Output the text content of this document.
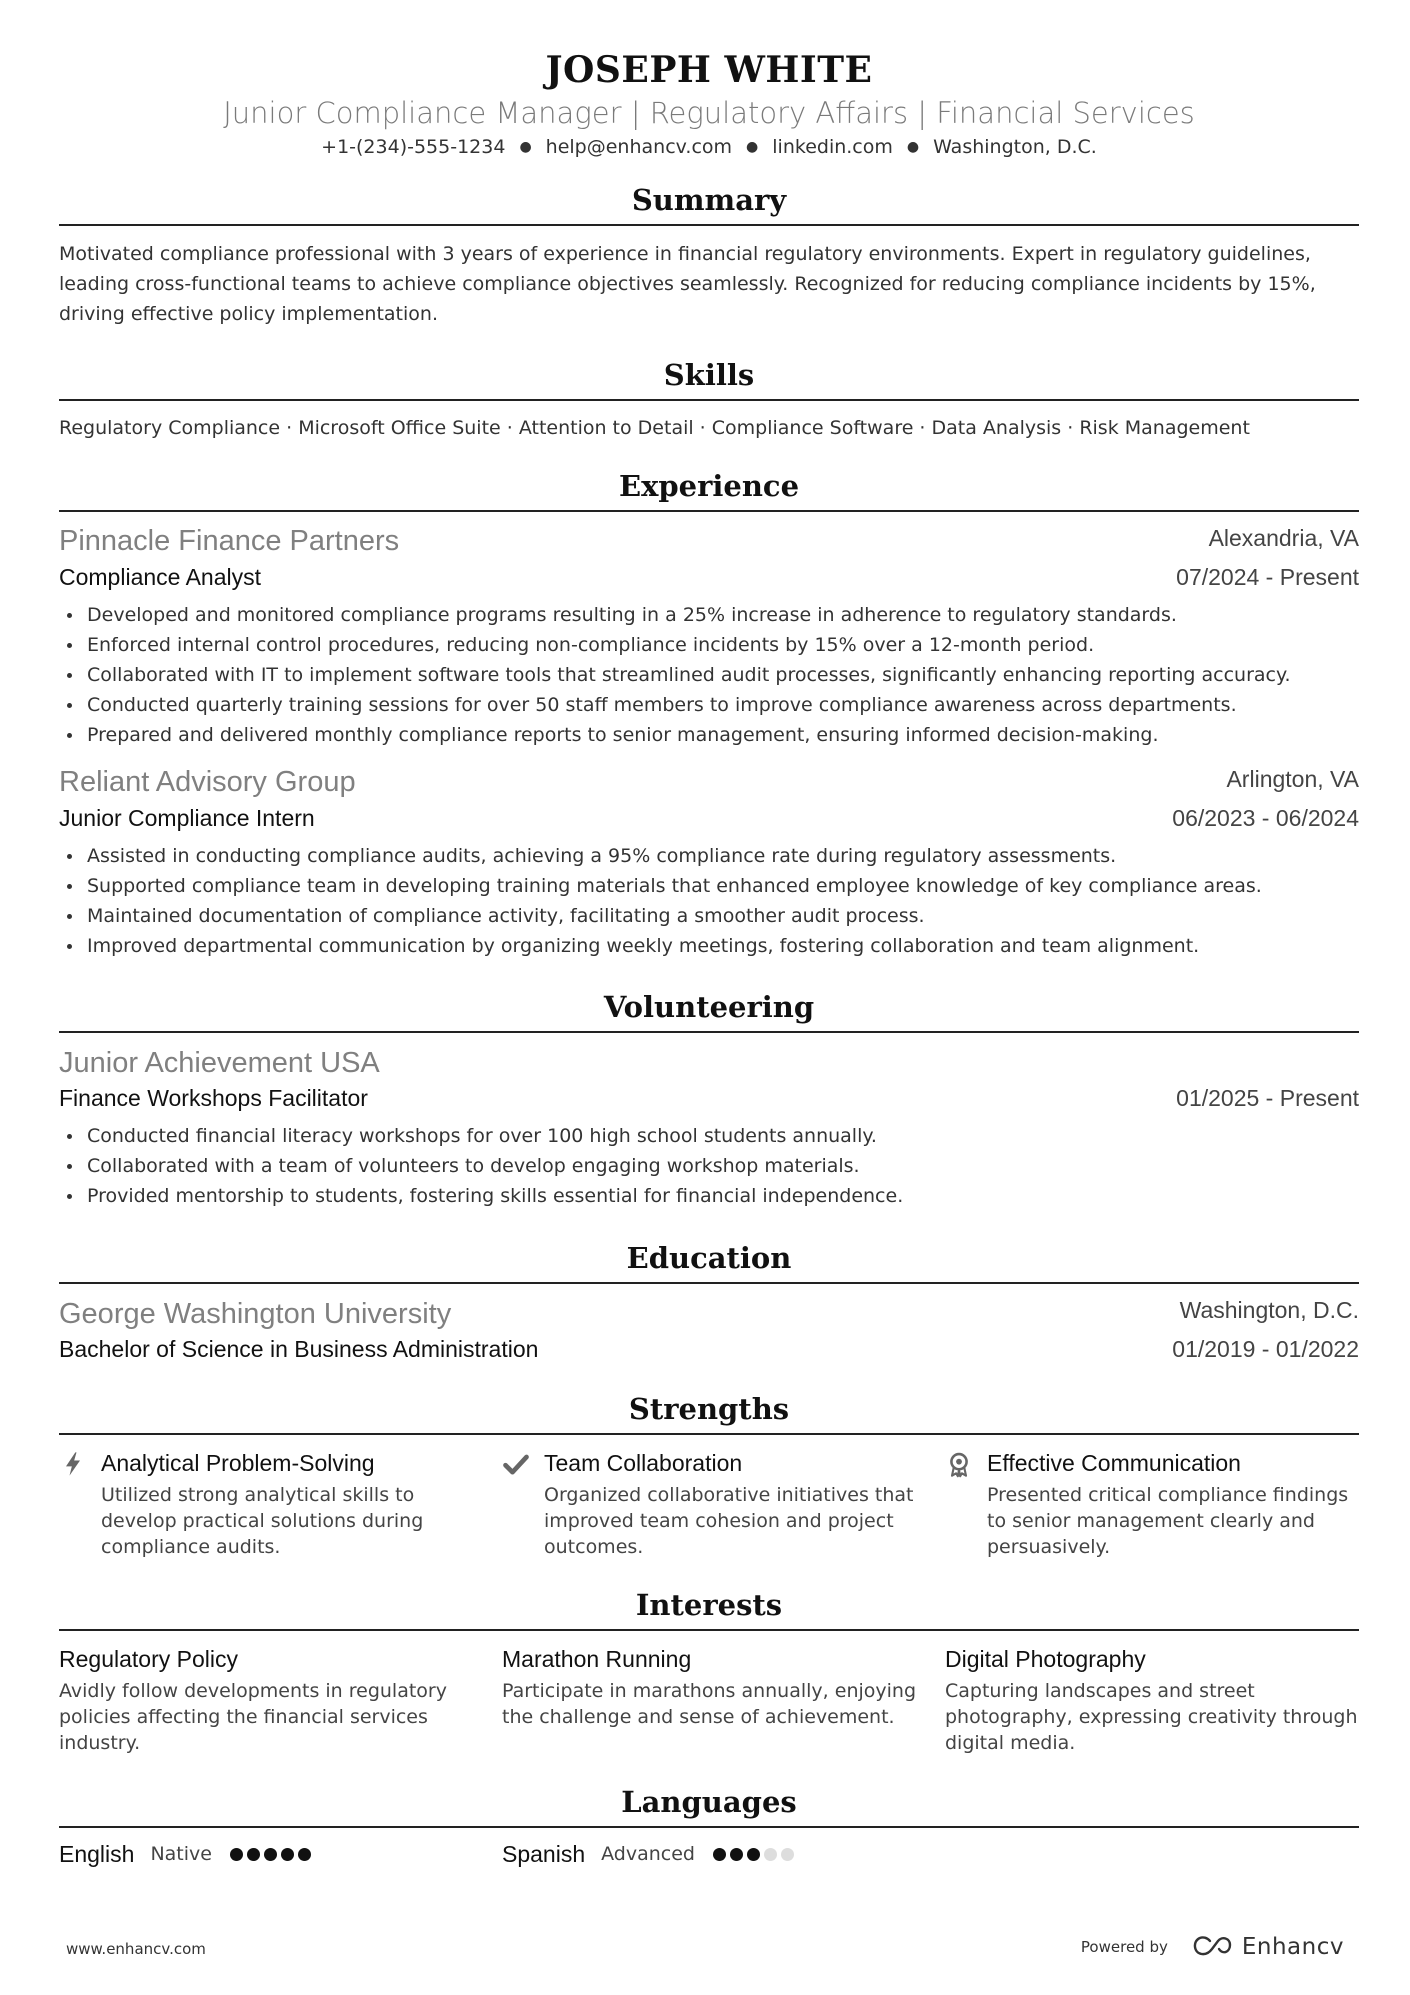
JOSEPH WHITE
Junior Compliance Manager | Regulatory Affairs | Financial Services
+1-(234)-555-1234 ● help@enhancv.com ● linkedin.com ● Washington, D.C.
Summary
Motivated compliance professional with 3 years of experience in financial regulatory environments. Expert in regulatory guidelines, leading cross-functional teams to achieve compliance objectives seamlessly. Recognized for reducing compliance incidents by 15%, driving effective policy implementation.
Skills
Regulatory Compliance · Microsoft Office Suite · Attention to Detail · Compliance Software · Data Analysis · Risk Management
Experience
Pinnacle Finance Partners	Alexandria, VA
Compliance Analyst	07/2024 - Present
Developed and monitored compliance programs resulting in a 25% increase in adherence to regulatory standards.
Enforced internal control procedures, reducing non-compliance incidents by 15% over a 12-month period.
Collaborated with IT to implement software tools that streamlined audit processes, significantly enhancing reporting accuracy.
Conducted quarterly training sessions for over 50 staff members to improve compliance awareness across departments.
Prepared and delivered monthly compliance reports to senior management, ensuring informed decision-making.
Reliant Advisory Group	Arlington, VA
Junior Compliance Intern	06/2023 - 06/2024
Assisted in conducting compliance audits, achieving a 95% compliance rate during regulatory assessments.
Supported compliance team in developing training materials that enhanced employee knowledge of key compliance areas.
Maintained documentation of compliance activity, facilitating a smoother audit process.
Improved departmental communication by organizing weekly meetings, fostering collaboration and team alignment.
Volunteering
Junior Achievement USA
Finance Workshops Facilitator	01/2025 - Present
Conducted financial literacy workshops for over 100 high school students annually.
Collaborated with a team of volunteers to develop engaging workshop materials.
Provided mentorship to students, fostering skills essential for financial independence.
Education
George Washington University	Washington, D.C.
Bachelor of Science in Business Administration	01/2019 - 01/2022
Strengths
Analytical Problem-Solving
Utilized strong analytical skills to develop practical solutions during compliance audits.
Team Collaboration
Organized collaborative initiatives that improved team cohesion and project outcomes.
Effective Communication
Presented critical compliance findings to senior management clearly and persuasively.
Interests
Regulatory Policy
Avidly follow developments in regulatory policies affecting the financial services industry.
Marathon Running
Participate in marathons annually, enjoying the challenge and sense of achievement.
Digital Photography
Capturing landscapes and street photography, expressing creativity through digital media.
Languages
English Native	Spanish Advanced
www.enhancv.com	Powered by	Enhancv
